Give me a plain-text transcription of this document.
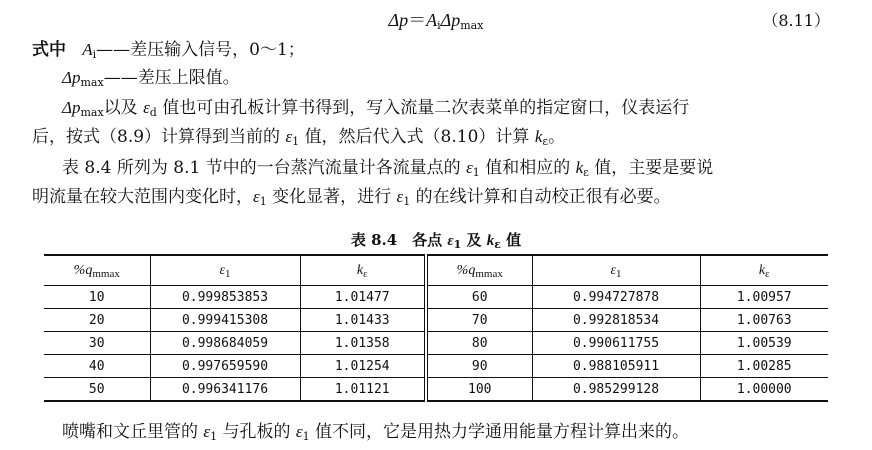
$\Delta p=A_i\Delta p_{max}$	（8.11）
式中 $A_i——$差压输入信号，0～1；
$\Delta p_{max}——$差压上限值。
$\Delta p_{max}$以及 $\varepsilon_d$ 值也可由孔板计算书得到，写入流量二次表菜单的指定窗口，仪表运行
后，按式（8.9）计算得到当前的 $\varepsilon_1$ 值，然后代入式（8.10）计算 $k_\varepsilon$。
表 8.4 所列为 8.1 节中的一台蒸汽流量计各流量点的 $\varepsilon_1$ 值和相应的 $k_\varepsilon$ 值，主要是要说
明流量在较大范围内变化时，$\varepsilon_1$ 变化显著，进行 $\varepsilon_1$ 的在线计算和自动校正很有必要。
表 8.4　各点 $\varepsilon_1$ 及 $k_\varepsilon$ 值
$\%q_{mmax}$	$\varepsilon_1$	$k_\varepsilon$	$\%q_{mmax}$	$\varepsilon_1$	$k_\varepsilon$
10	0.999853853	1.01477	60	0.994727878	1.00957
20	0.999415308	1.01433	70	0.992818534	1.00763
30	0.998684059	1.01358	80	0.990611755	1.00539
40	0.997659590	1.01254	90	0.988105911	1.00285
50	0.996341176	1.01121	100	0.985299128	1.00000
喷嘴和文丘里管的 $\varepsilon_1$ 与孔板的 $\varepsilon_1$ 值不同，它是用热力学通用能量方程计算出来的。
